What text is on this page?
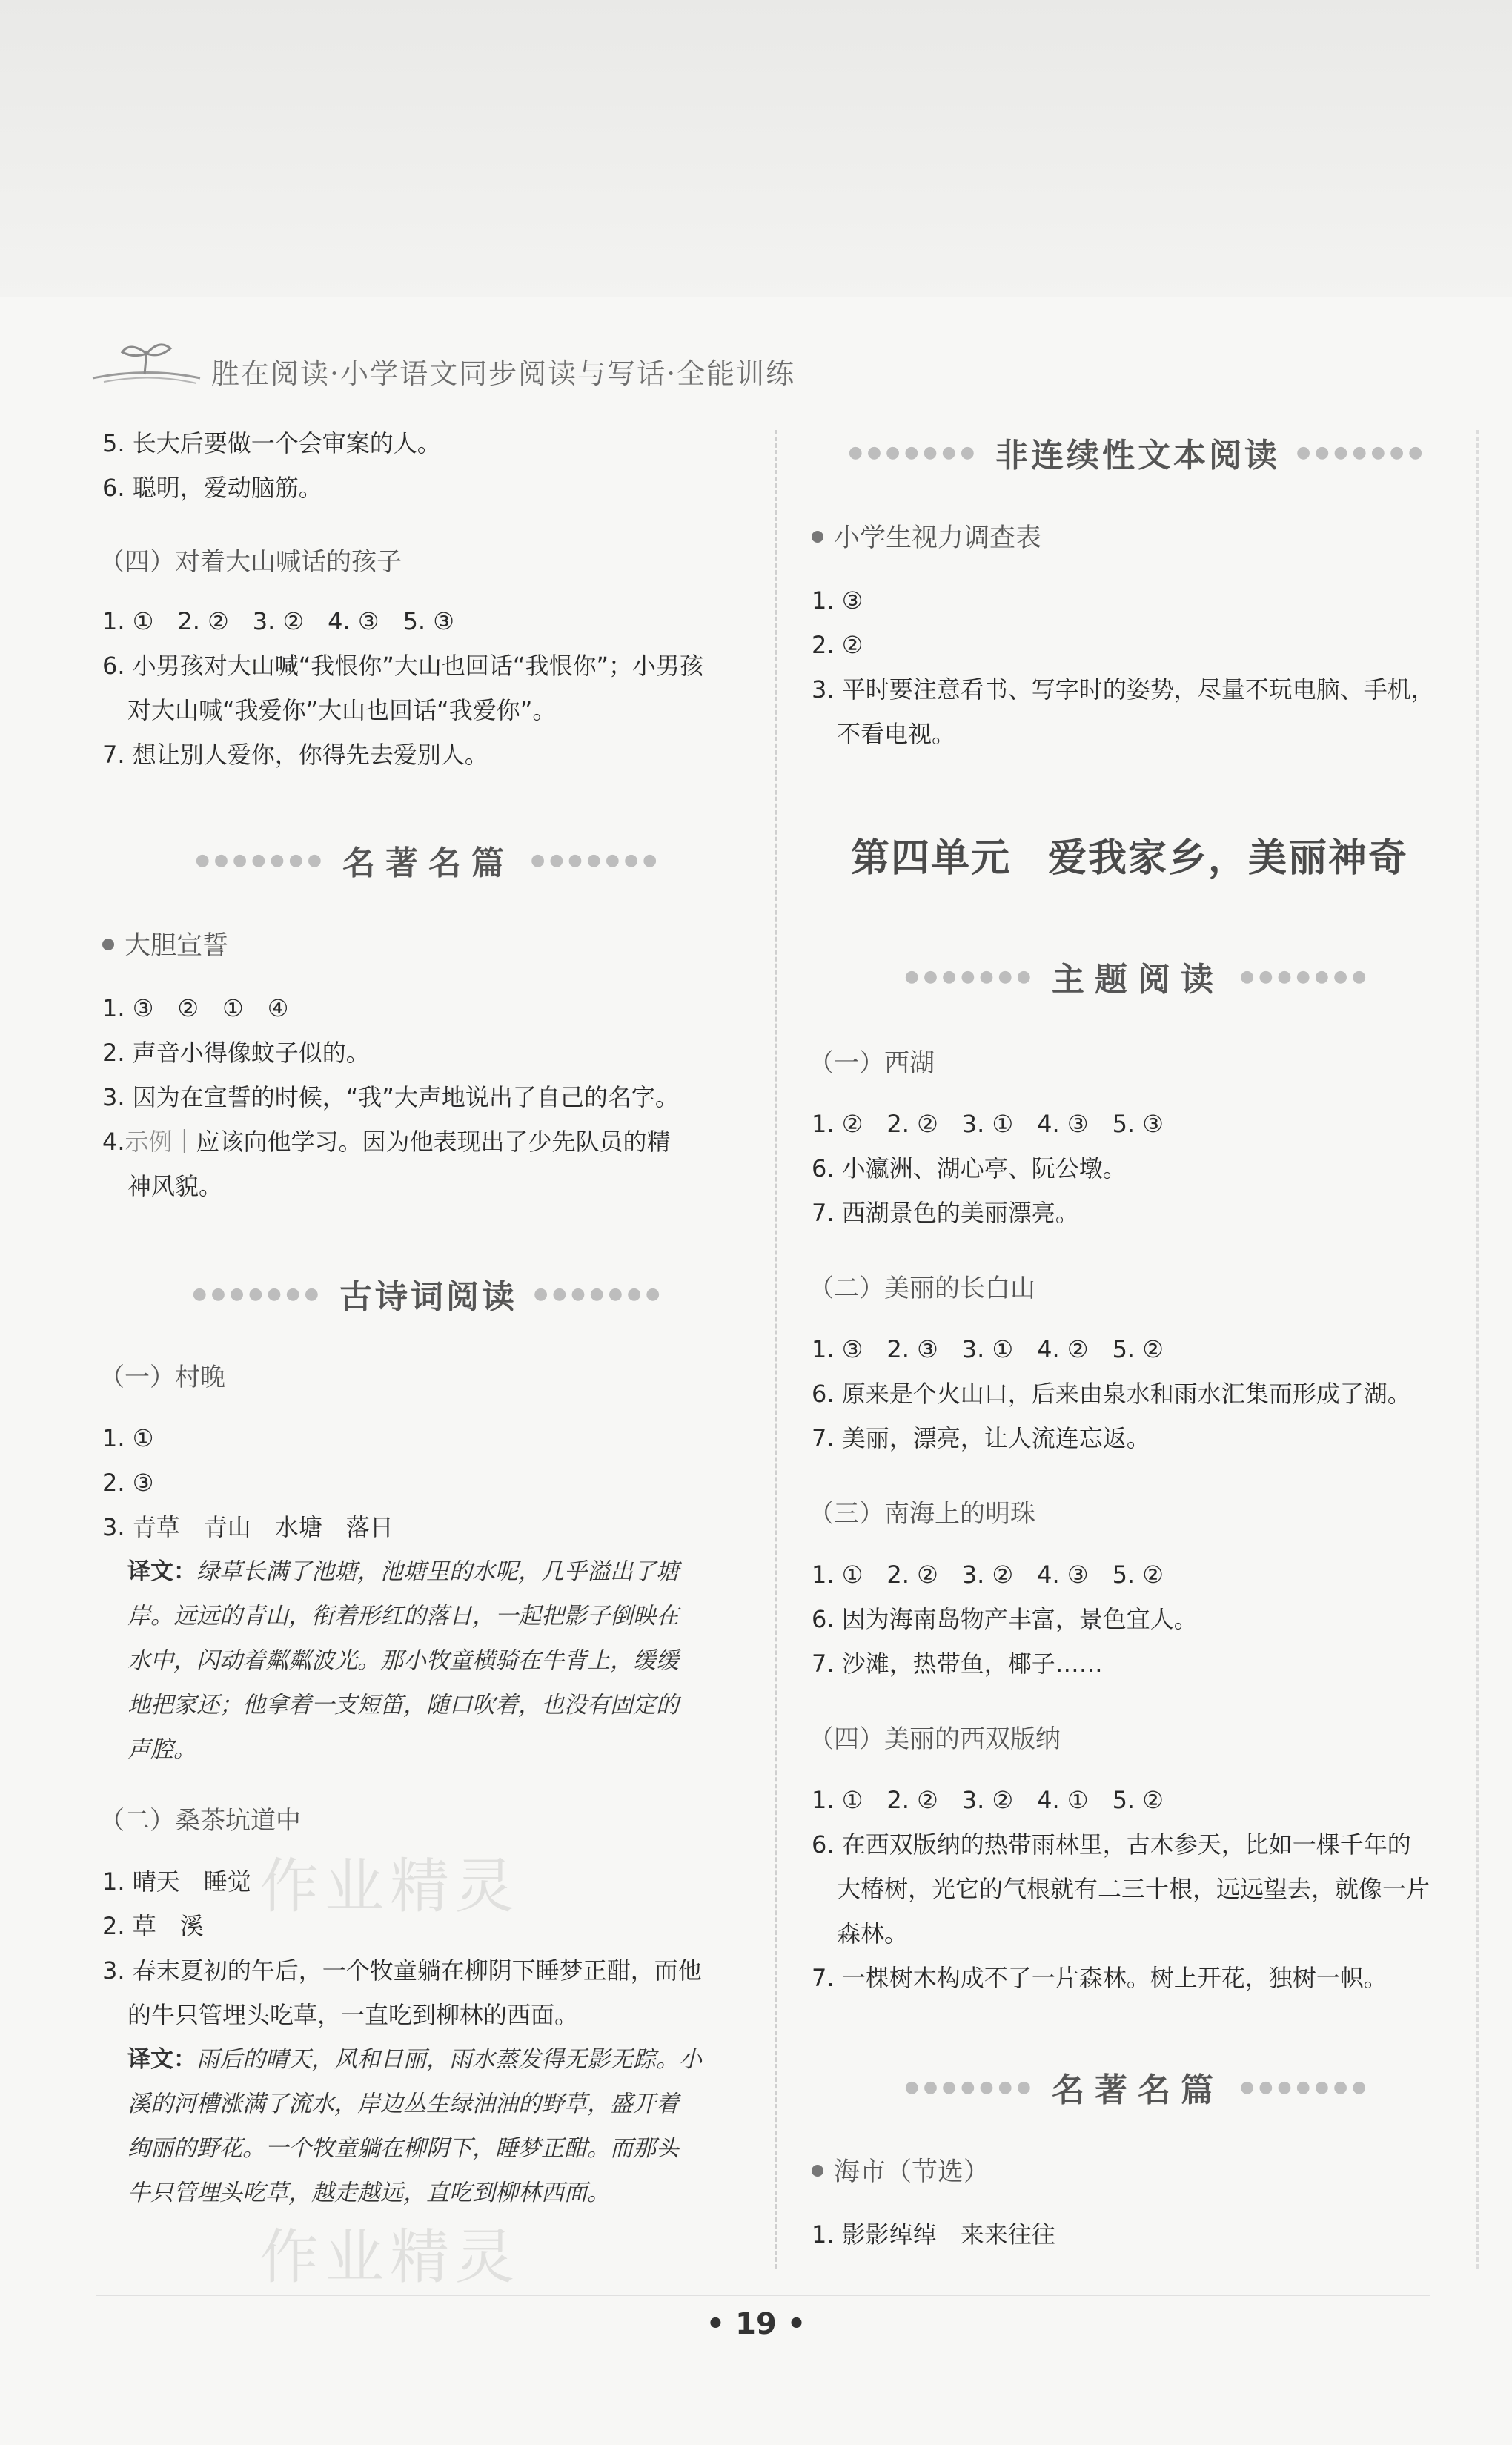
胜在阅读·小学语文同步阅读与写话·全能训练
5. 长大后要做一个会审案的人。
6. 聪明，爱动脑筋。
（四）对着大山喊话的孩子
1. ①　2. ②　3. ②　4. ③　5. ③
6. 小男孩对大山喊“我恨你”大山也回话“我恨你”；小男孩
对大山喊“我爱你”大山也回话“我爱你”。
7. 想让别人爱你，你得先去爱别人。
●●●●●●● 名著名篇 ●●●●●●●
大胆宣誓
1. ③　②　①　④
2. 声音小得像蚊子似的。
3. 因为在宣誓的时候，“我”大声地说出了自己的名字。
4.示例｜应该向他学习。因为他表现出了少先队员的精
神风貌。
●●●●●●● 古诗词阅读 ●●●●●●●
（一）村晚
1. ①
2. ③
3. 青草　青山　水塘　落日
译文：绿草长满了池塘，池塘里的水呢，几乎溢出了塘
岸。远远的青山，衔着形红的落日，一起把影子倒映在
水中，闪动着粼粼波光。那小牧童横骑在牛背上，缓缓
地把家还；他拿着一支短笛，随口吹着，也没有固定的
声腔。
（二）桑茶坑道中
1. 晴天　睡觉
2. 草　溪
3. 春末夏初的午后，一个牧童躺在柳阴下睡梦正酣，而他
的牛只管埋头吃草，一直吃到柳林的西面。
译文：雨后的晴天，风和日丽，雨水蒸发得无影无踪。小
溪的河槽涨满了流水，岸边丛生绿油油的野草，盛开着
绚丽的野花。一个牧童躺在柳阴下，睡梦正酣。而那头
牛只管埋头吃草，越走越远，直吃到柳林西面。
●●●●●●● 非连续性文本阅读 ●●●●●●●
小学生视力调查表
1. ③
2. ②
3. 平时要注意看书、写字时的姿势，尽量不玩电脑、手机，
不看电视。
第四单元 爱我家乡，美丽神奇
●●●●●●● 主题阅读 ●●●●●●●
（一）西湖
1. ②　2. ②　3. ①　4. ③　5. ③
6. 小瀛洲、湖心亭、阮公墩。
7. 西湖景色的美丽漂亮。
（二）美丽的长白山
1. ③　2. ③　3. ①　4. ②　5. ②
6. 原来是个火山口，后来由泉水和雨水汇集而形成了湖。
7. 美丽，漂亮，让人流连忘返。
（三）南海上的明珠
1. ①　2. ②　3. ②　4. ③　5. ②
6. 因为海南岛物产丰富，景色宜人。
7. 沙滩，热带鱼，椰子……
（四）美丽的西双版纳
1. ①　2. ②　3. ②　4. ①　5. ②
6. 在西双版纳的热带雨林里，古木参天，比如一棵千年的
大椿树，光它的气根就有二三十根，远远望去，就像一片
森林。
7. 一棵树木构成不了一片森林。树上开花，独树一帜。
●●●●●●● 名著名篇 ●●●●●●●
海市（节选）
1. 影影绰绰　来来往往
作业精灵
作业精灵
• 19 •
